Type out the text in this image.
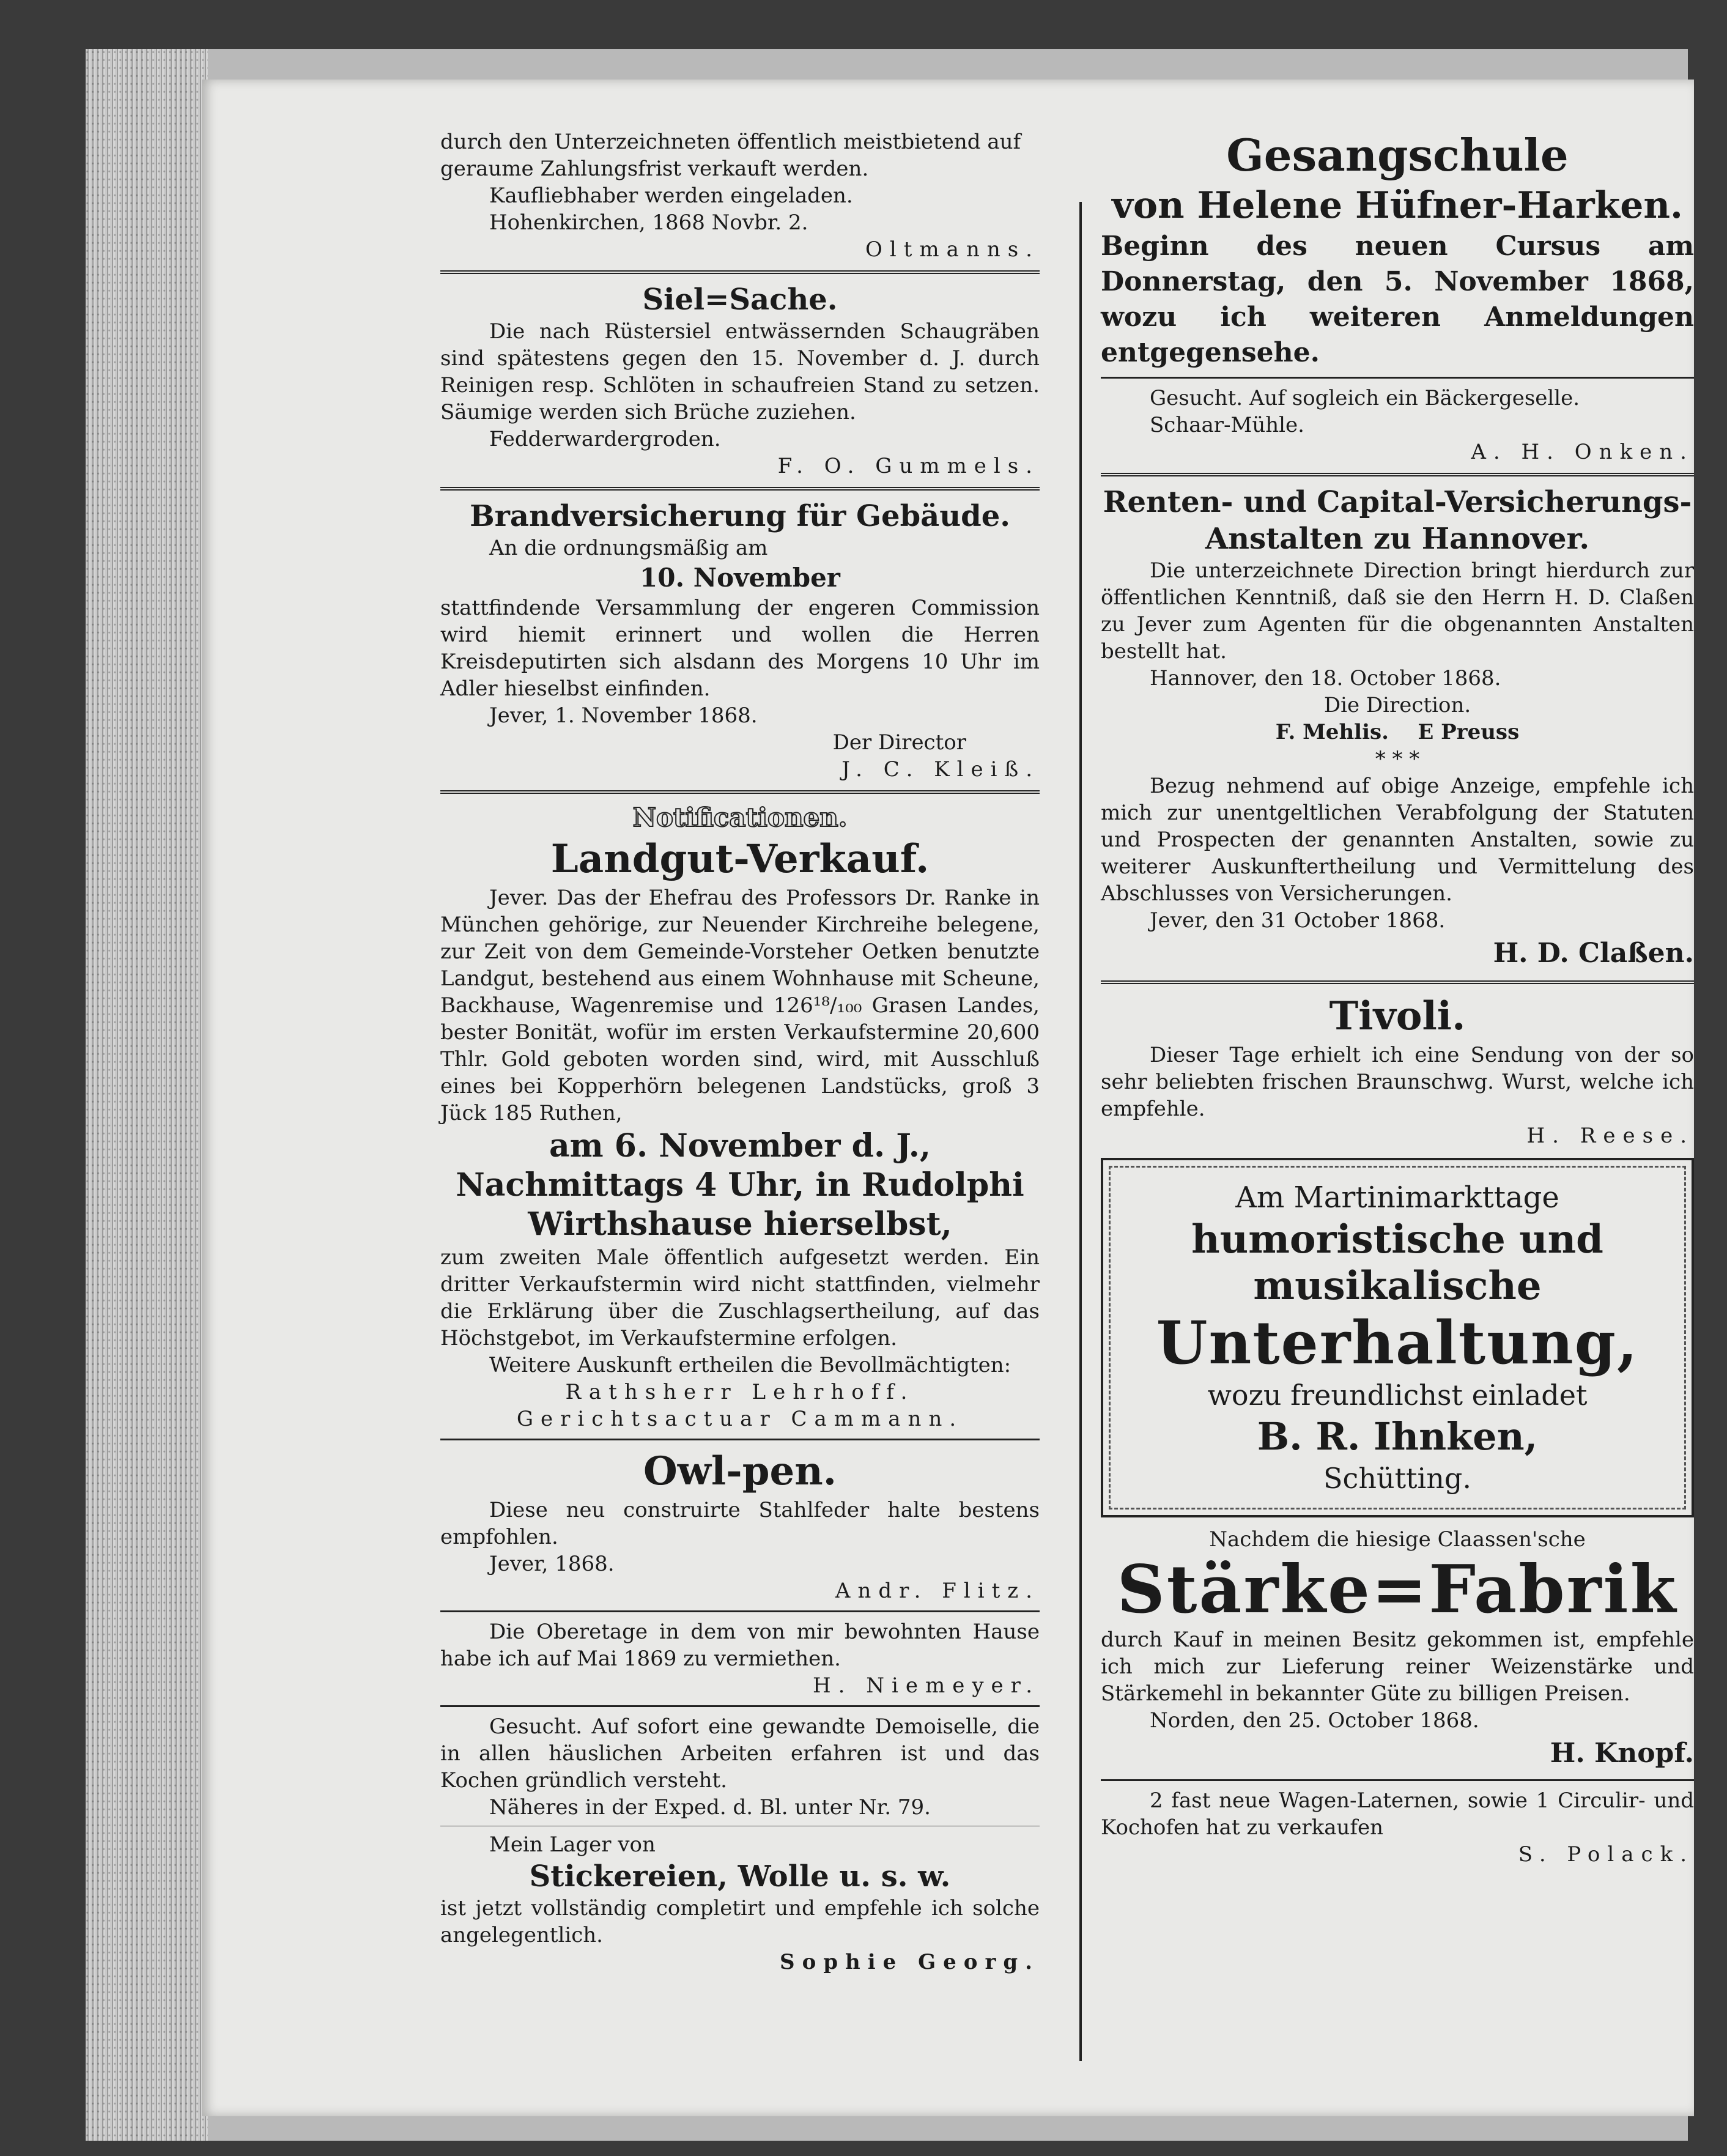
durch den Unterzeichneten öffentlich meistbietend auf

geraume Zahlungsfrist verkauft werden.

Kaufliebhaber werden eingeladen.

Hohenkirchen, 1868 Novbr. 2.

Oltmanns.

Siel=Sache.

Die nach Rüstersiel entwässernden Schaugräben sind spätestens gegen den 15. November d. J. durch Reinigen resp. Schlöten in schaufreien Stand zu setzen. Säumige werden sich Brüche zuziehen.

Fedderwardergroden.

F. O. Gummels.

Brandversicherung für Gebäude.

An die ordnungsmäßig am

10. November

stattfindende Versammlung der engeren Commission wird hiemit erinnert und wollen die Herren Kreisdeputirten sich alsdann des Morgens 10 Uhr im Adler hieselbst einfinden.

Jever, 1. November 1868.

Der Director

J. C. Kleiß.

Notificationen.
Landgut-Verkauf.

Jever. Das der Ehefrau des Professors Dr. Ranke in München gehörige, zur Neuender Kirchreihe belegene, zur Zeit von dem Gemeinde-Vorsteher Oetken benutzte Landgut, bestehend aus einem Wohnhause mit Scheune, Backhause, Wagenremise und 126¹⁸/₁₀₀ Grasen Landes, bester Bonität, wofür im ersten Verkaufstermine 20,600 Thlr. Gold geboten worden sind, wird, mit Ausschluß eines bei Kopperhörn belegenen Landstücks, groß 3 Jück 185 Ruthen,

am 6. November d. J., Nachmittags 4 Uhr, in Rudolphi Wirthshause hierselbst,

zum zweiten Male öffentlich aufgesetzt werden. Ein dritter Verkaufstermin wird nicht stattfinden, vielmehr die Erklärung über die Zuschlagsertheilung, auf das Höchstgebot, im Verkaufstermine erfolgen.

Weitere Auskunft ertheilen die Bevollmächtigten:

Rathsherr Lehrhoff.

Gerichtsactuar Cammann.

Owl-pen.

Diese neu construirte Stahlfeder halte bestens empfohlen.

Jever, 1868.

Andr. Flitz.

Die Oberetage in dem von mir bewohnten Hause habe ich auf Mai 1869 zu vermiethen.

H. Niemeyer.

Gesucht. Auf sofort eine gewandte Demoiselle, die in allen häuslichen Arbeiten erfahren ist und das Kochen gründlich versteht.

Näheres in der Exped. d. Bl. unter Nr. 79.

Mein Lager von

Stickereien, Wolle u. s. w.

ist jetzt vollständig completirt und empfehle ich solche angelegentlich.

Sophie Georg.

Gesangschule
von Helene Hüfner-Harken.

Beginn des neuen Cursus am Donnerstag, den 5. November 1868, wozu ich weiteren Anmeldungen entgegensehe.

Gesucht. Auf sogleich ein Bäckergeselle.

Schaar-Mühle.

A. H. Onken.

Renten- und Capital-Versicherungs-Anstalten zu Hannover.

Die unterzeichnete Direction bringt hierdurch zur öffentlichen Kenntniß, daß sie den Herrn H. D. Claßen zu Jever zum Agenten für die obgenannten Anstalten bestellt hat.

Hannover, den 18. October 1868.

Die Direction.

F. Mehlis. E Preuss

* * *

Bezug nehmend auf obige Anzeige, empfehle ich mich zur unentgeltlichen Verabfolgung der Statuten und Prospecten der genannten Anstalten, sowie zu weiterer Auskunftertheilung und Vermittelung des Abschlusses von Versicherungen.

Jever, den 31 October 1868.

H. D. Claßen.

Tivoli.

Dieser Tage erhielt ich eine Sendung von der so sehr beliebten frischen Braunschwg. Wurst, welche ich empfehle.

H. Reese.

Am Martinimarkttage

humoristische und

musikalische

Unterhaltung,

wozu freundlichst einladet

B. R. Ihnken,

Schütting.

Nachdem die hiesige Claassen'sche

Stärke=Fabrik

durch Kauf in meinen Besitz gekommen ist, empfehle ich mich zur Lieferung reiner Weizenstärke und Stärkemehl in bekannter Güte zu billigen Preisen.

Norden, den 25. October 1868.

H. Knopf.

2 fast neue Wagen-Laternen, sowie 1 Circulir- und Kochofen hat zu verkaufen

S. Polack.
